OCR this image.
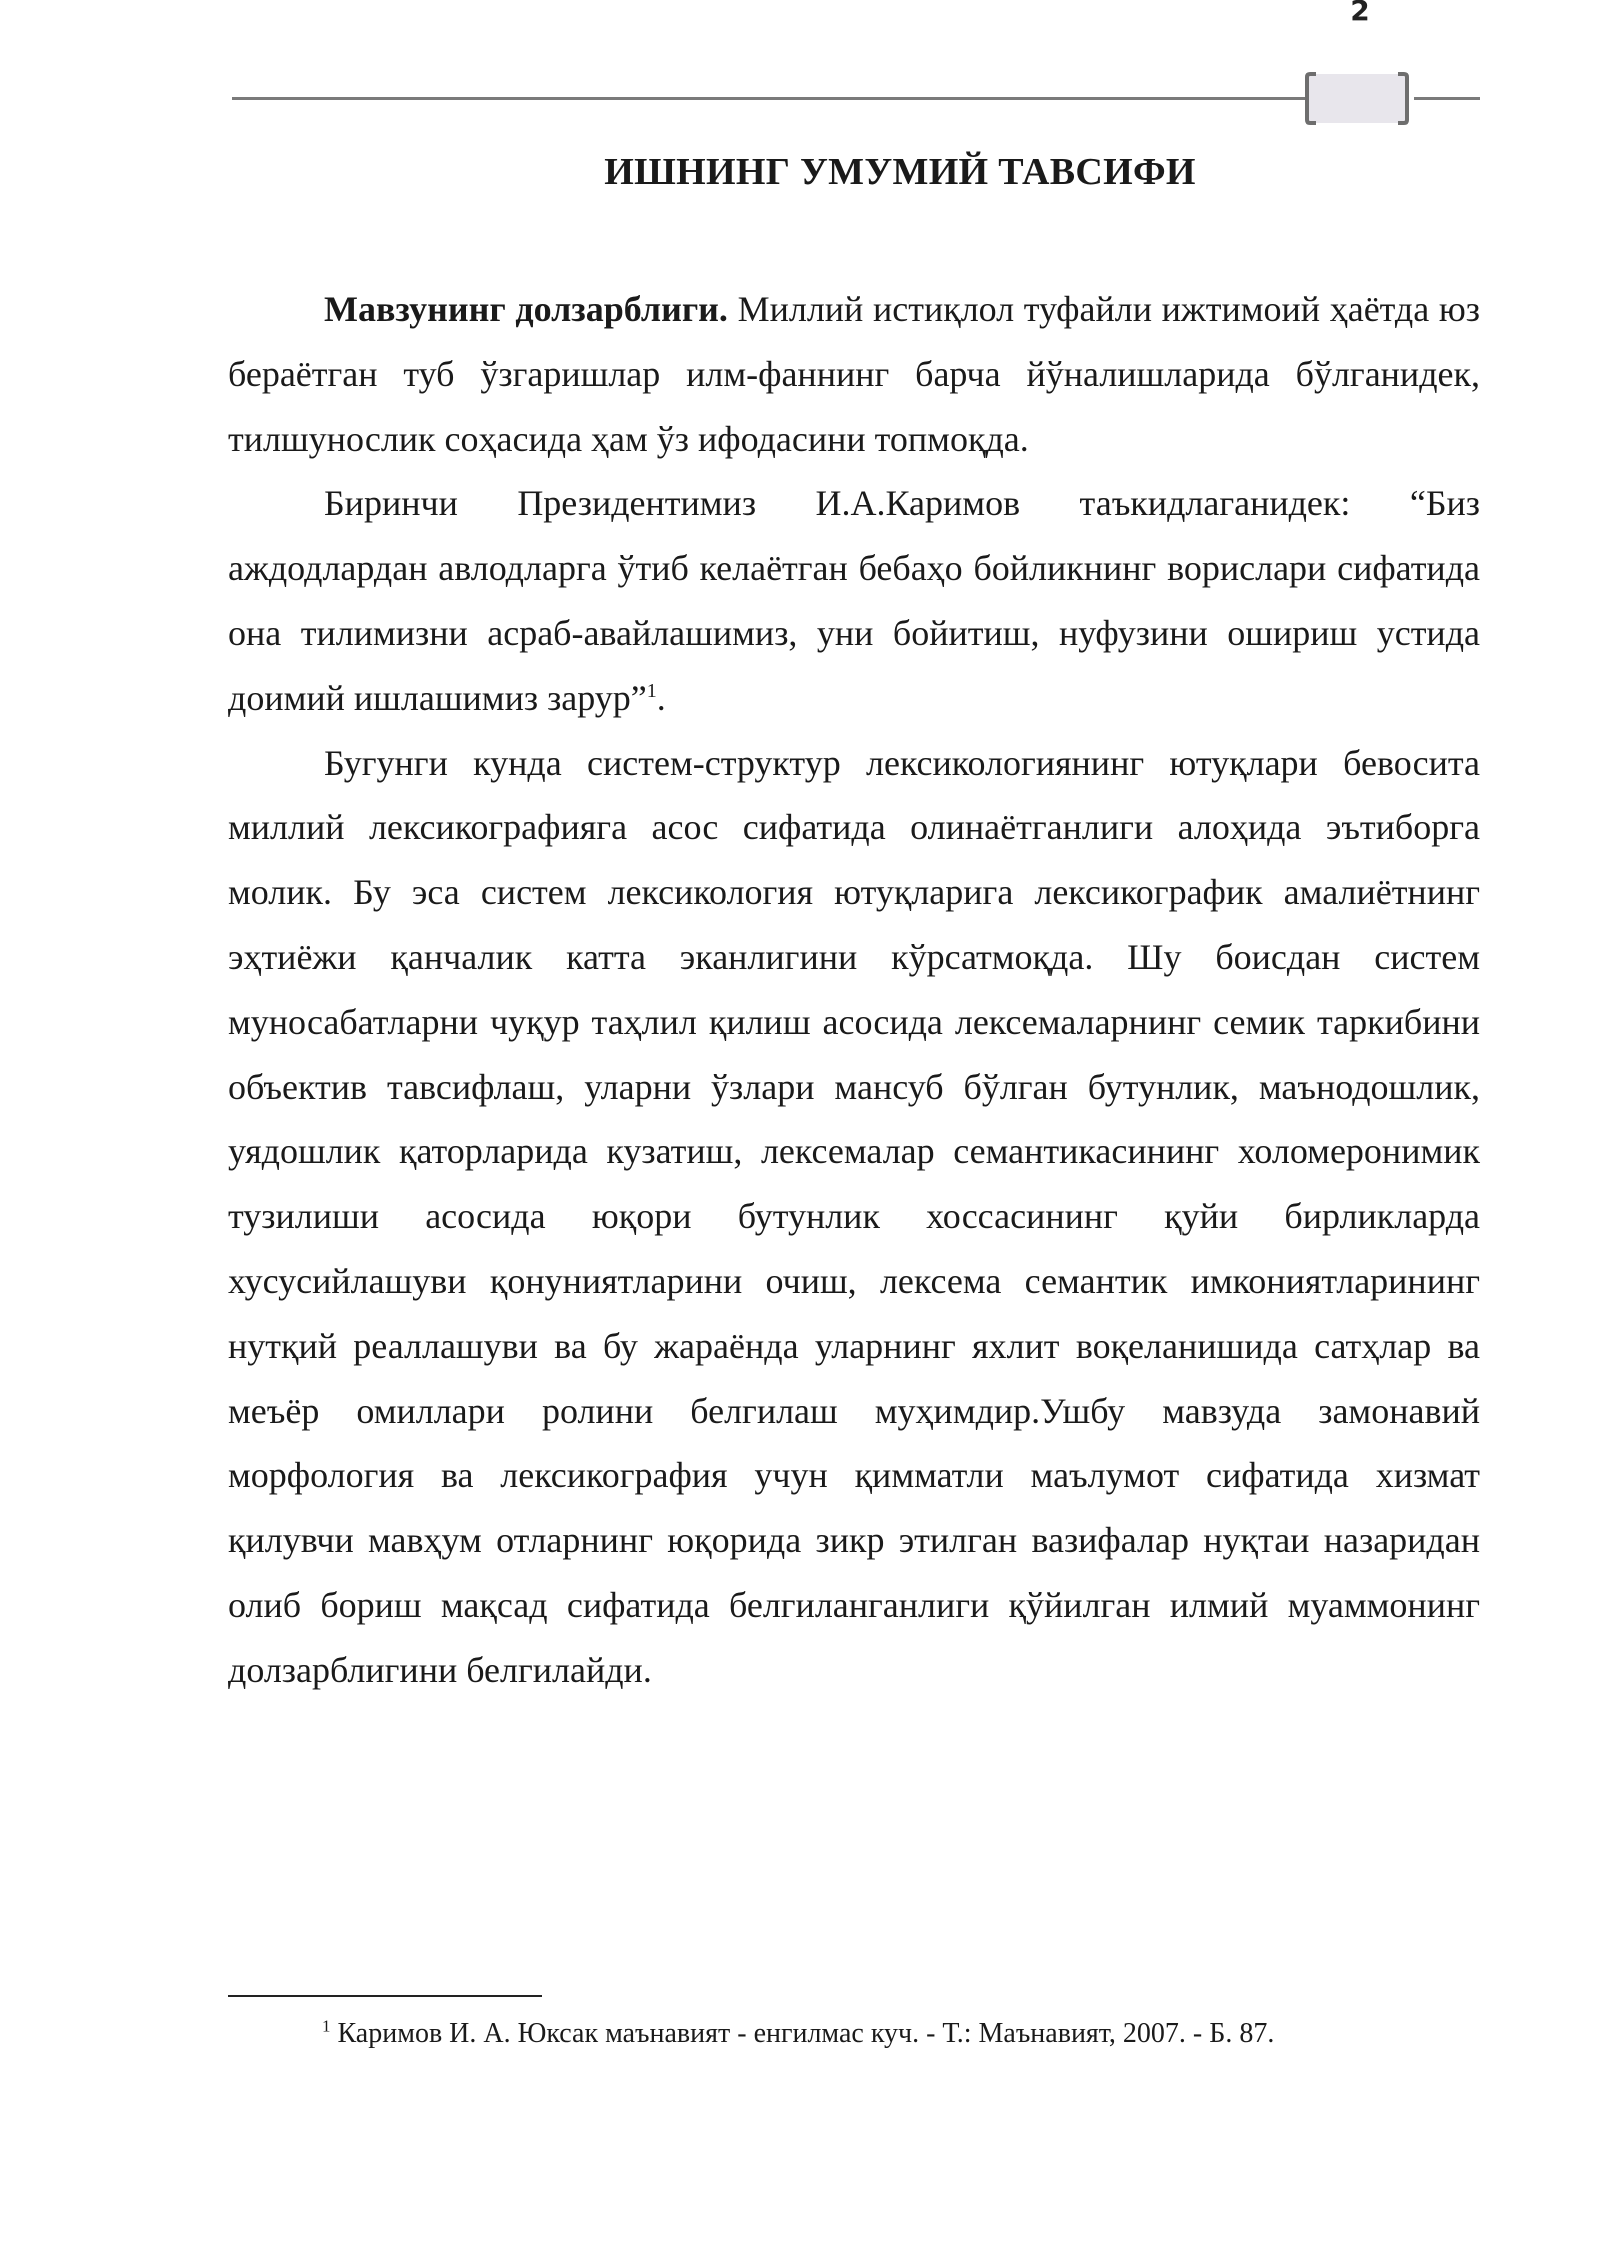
2
ИШНИНГ УМУМИЙ ТАВСИФИ

Мавзунинг долзарблиги. Миллий истиқлол туфайли ижтимоий ҳаётда юз бераётган туб ўзгаришлар илм-фаннинг барча йўналишларида бўлганидек, тилшунослик соҳасида ҳам ўз ифодасини топмоқда.

Биринчи Президентимиз И.А.Каримов таъкидлаганидек: “Биз аждодлардан авлодларга ўтиб келаётган бебаҳо бойликнинг ворислари сифатида она тилимизни асраб-авайлашимиз, уни бойитиш, нуфузини ошириш устида доимий ишлашимиз зарур”$^1$.

Бугунги кунда систем-структур лексикологиянинг ютуқлари бевосита миллий лексикографияга асос сифатида олинаётганлиги алоҳида эътиборга молик. Бу эса систем лексикология ютуқларига лексикографик амалиётнинг эҳтиёжи қанчалик катта эканлигини кўрсатмоқда. Шу боисдан систем муносабатларни чуқур таҳлил қилиш асосида лексемаларнинг семик таркибини объектив тавсифлаш, уларни ўзлари мансуб бўлган бутунлик, маънодошлик, уядошлик қаторларида кузатиш, лексемалар семантикасининг холомеронимик тузилиши асосида юқори бутунлик хоссасининг қуйи бирликларда хусусийлашуви қонуниятларини очиш, лексема семантик имкониятларининг нутқий реаллашуви ва бу жараёнда уларнинг яхлит воқеланишида сатҳлар ва меъёр омиллари ролини белгилаш муҳимдир.Ушбу мавзуда замонавий морфология ва лексикография учун қимматли маълумот сифатида хизмат қилувчи мавҳум отларнинг юқорида зикр этилган вазифалар нуқтаи назаридан олиб бориш мақсад сифатида белгиланганлиги қўйилган илмий муаммонинг долзарблигини белгилайди.

$^1$ Каримов И. А. Юксак маънавият - енгилмас куч. - Т.: Маънавият, 2007. - Б. 87.
